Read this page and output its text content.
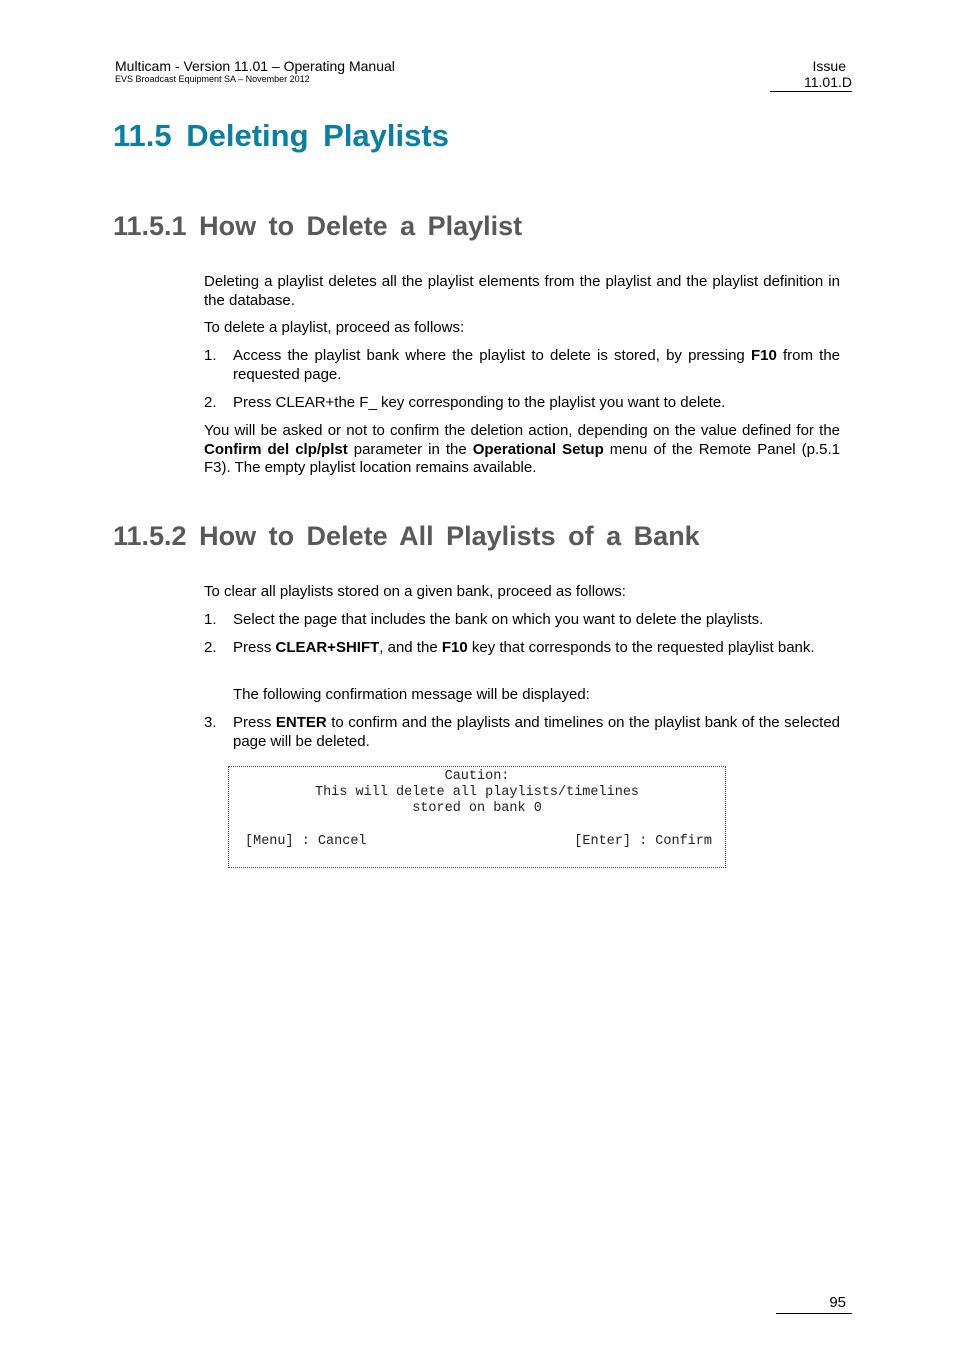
Multicam - Version 11.01 – Operating Manual
EVS Broadcast Equipment SA – November 2012
Issue
11.01.D
11.5 Deleting Playlists
11.5.1 How to Delete a Playlist
Deleting a playlist deletes all the playlist elements from the playlist and the playlist definition in the database.
To delete a playlist, proceed as follows:
1. Access the playlist bank where the playlist to delete is stored, by pressing F10 from the requested page.
2. Press CLEAR+the F_ key corresponding to the playlist you want to delete.
You will be asked or not to confirm the deletion action, depending on the value defined for the Confirm del clp/plst parameter in the Operational Setup menu of the Remote Panel (p.5.1 F3). The empty playlist location remains available.
11.5.2 How to Delete All Playlists of a Bank
To clear all playlists stored on a given bank, proceed as follows:
1. Select the page that includes the bank on which you want to delete the playlists.
2. Press CLEAR+SHIFT, and the F10 key that corresponds to the requested playlist bank.
The following confirmation message will be displayed:
3. Press ENTER to confirm and the playlists and timelines on the playlist bank of the selected page will be deleted.
Caution:
This will delete all playlists/timelines
stored on bank 0
[Menu] : Cancel	[Enter] : Confirm
95
